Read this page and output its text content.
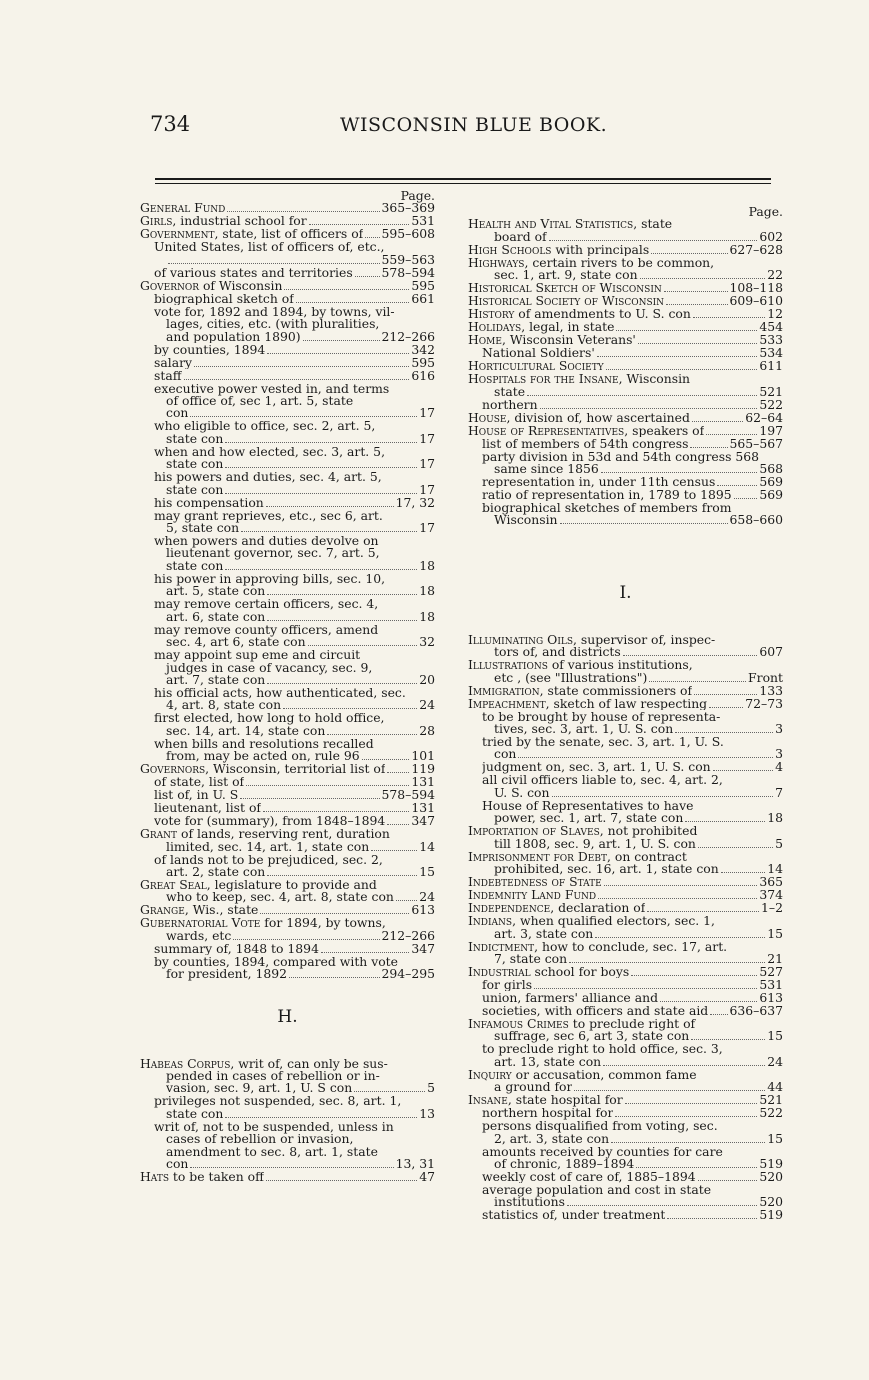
734	WISCONSIN BLUE BOOK.
Page.
General Fund	365–369
Girls, industrial school for	531
Government, state, list of officers of 595–608
United States, list of officers of, etc.,
559–563
of various states and territories 578–594
Governor of Wisconsin	595
biographical sketch of	661
vote for, 1892 and 1894, by towns, vil-
lages, cities, etc. (with pluralities,
and population 1890)	212–266
by counties, 1894	342
salary	595
staff	616
executive power vested in, and terms
of office of, sec 1, art. 5, state
con	17
who eligible to office, sec. 2, art. 5,
state con	17
when and how elected, sec. 3, art. 5,
state con	17
his powers and duties, sec. 4, art. 5,
state con	17
his compensation	17, 32
may grant reprieves, etc., sec 6, art.
5, state con	17
when powers and duties devolve on
lieutenant governor, sec. 7, art. 5,
state con	18
his power in approving bills, sec. 10,
art. 5, state con	18
may remove certain officers, sec. 4,
art. 6, state con	18
may remove county officers, amend
sec. 4, art 6, state con	32
may appoint sup eme and circuit
judges in case of vacancy, sec. 9,
art. 7, state con	20
his official acts, how authenticated, sec.
4, art. 8, state con	24
first elected, how long to hold office,
sec. 14, art. 14, state con	28
when bills and resolutions recalled
from, may be acted on, rule 96	101
Governors, Wisconsin, territorial list of 119
of state, list of	131
list of, in U. S	578–594
lieutenant, list of	131
vote for (summary), from 1848–1894 347
Grant of lands, reserving rent, duration
limited, sec. 14, art. 1, state con	14
of lands not to be prejudiced, sec. 2,
art. 2, state con	15
Great Seal, legislature to provide and
who to keep, sec. 4, art. 8, state con 24
Grange, Wis., state	613
Gubernatorial Vote for 1894, by towns,
wards, etc	212–266
summary of, 1848 to 1894	347
by counties, 1894, compared with vote
for president, 1892	294–295
H.
Habeas Corpus, writ of, can only be sus-
pended in cases of rebellion or in-
vasion, sec. 9, art. 1, U. S con	5
privileges not suspended, sec. 8, art. 1,
state con	13
writ of, not to be suspended, unless in
cases of rebellion or invasion,
amendment to sec. 8, art. 1, state
con	13, 31
Hats to be taken off	47
Page.
Health and Vital Statistics, state
board of	602
High Schools with principals	627–628
Highways, certain rivers to be common,
sec. 1, art. 9, state con	22
Historical Sketch of Wisconsin	108–118
Historical Society of Wisconsin	609–610
History of amendments to U. S. con	12
Holidays, legal, in state	454
Home, Wisconsin Veterans'	533
National Soldiers'	534
Horticultural Society	611
Hospitals for the Insane, Wisconsin
state	521
northern	522
House, division of, how ascertained	62–64
House of Representatives, speakers of	197
list of members of 54th congress	565–567
party division in 53d and 54th congress 568
same since 1856	568
representation in, under 11th census	569
ratio of representation in, 1789 to 1895 569
biographical sketches of members from
Wisconsin	658–660
I.
Illuminating Oils, supervisor of, inspec-
tors of, and districts	607
Illustrations of various institutions,
etc , (see "Illustrations")	Front
Immigration, state commissioners of	133
Impeachment, sketch of law respecting	72–73
to be brought by house of representa-
tives, sec. 3, art. 1, U. S. con	3
tried by the senate, sec. 3, art. 1, U. S.
con	3
judgment on, sec. 3, art. 1, U. S. con	4
all civil officers liable to, sec. 4, art. 2,
U. S. con	7
House of Representatives to have
power, sec. 1, art. 7, state con	18
Importation of Slaves, not prohibited
till 1808, sec. 9, art. 1, U. S. con	5
Imprisonment for Debt, on contract
prohibited, sec. 16, art. 1, state con	14
Indebtedness of State	365
Indemnity Land Fund	374
Independence, declaration of	1–2
Indians, when qualified electors, sec. 1,
art. 3, state con	15
Indictment, how to conclude, sec. 17, art.
7, state con	21
Industrial school for boys	527
for girls	531
union, farmers' alliance and	613
societies, with officers and state aid 636–637
Infamous Crimes to preclude right of
suffrage, sec 6, art 3, state con	15
to preclude right to hold office, sec. 3,
art. 13, state con	24
Inquiry or accusation, common fame
a ground for	44
Insane, state hospital for	521
northern hospital for	522
persons disqualified from voting, sec.
2, art. 3, state con	15
amounts received by counties for care
of chronic, 1889–1894	519
weekly cost of care of, 1885–1894	520
average population and cost in state
institutions	520
statistics of, under treatment	519
